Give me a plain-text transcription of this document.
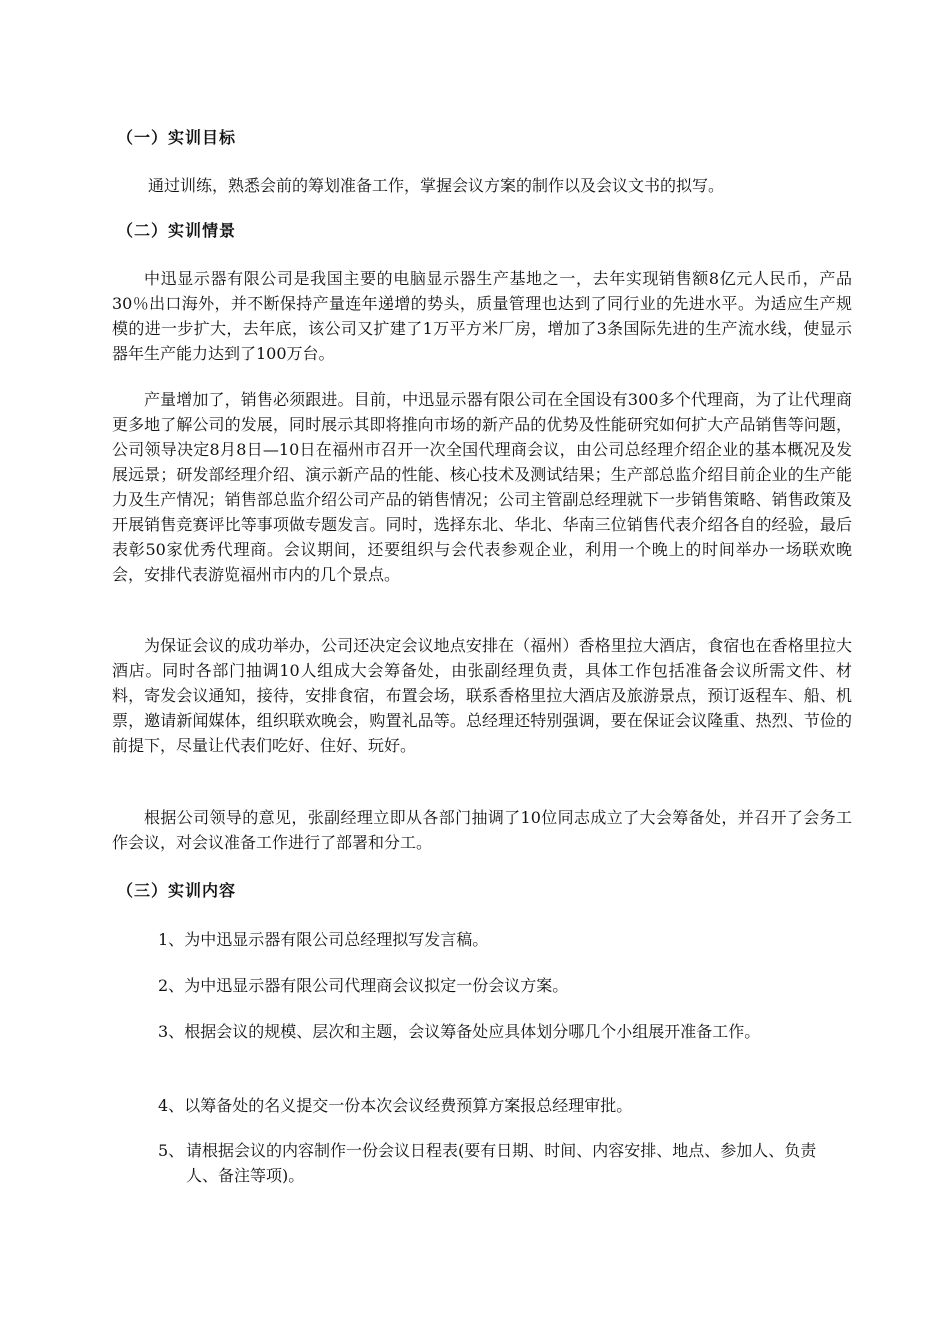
（一）实训目标
通过训练，熟悉会前的筹划准备工作，掌握会议方案的制作以及会议文书的拟写。
（二）实训情景
中迅显示器有限公司是我国主要的电脑显示器生产基地之一，去年实现销售额8亿元人民币，产品30％出口海外，并不断保持产量连年递增的势头，质量管理也达到了同行业的先进水平。为适应生产规模的进一步扩大，去年底，该公司又扩建了1万平方米厂房，增加了3条国际先进的生产流水线，使显示器年生产能力达到了100万台。
产量增加了，销售必须跟进。目前，中迅显示器有限公司在全国设有300多个代理商，为了让代理商更多地了解公司的发展，同时展示其即将推向市场的新产品的优势及性能研究如何扩大产品销售等问题，公司领导决定8月8日—10日在福州市召开一次全国代理商会议，由公司总经理介绍企业的基本概况及发展远景；研发部经理介绍、演示新产品的性能、核心技术及测试结果；生产部总监介绍目前企业的生产能力及生产情况；销售部总监介绍公司产品的销售情况；公司主管副总经理就下一步销售策略、销售政策及开展销售竞赛评比等事项做专题发言。同时，选择东北、华北、华南三位销售代表介绍各自的经验，最后表彰50家优秀代理商。会议期间，还要组织与会代表参观企业，利用一个晚上的时间举办一场联欢晚会，安排代表游览福州市内的几个景点。
为保证会议的成功举办，公司还决定会议地点安排在（福州）香格里拉大酒店，食宿也在香格里拉大酒店。同时各部门抽调10人组成大会筹备处，由张副经理负责，具体工作包括准备会议所需文件、材料，寄发会议通知，接待，安排食宿，布置会场，联系香格里拉大酒店及旅游景点，预订返程车、船、机票，邀请新闻媒体，组织联欢晚会，购置礼品等。总经理还特别强调，要在保证会议隆重、热烈、节俭的前提下，尽量让代表们吃好、住好、玩好。
根据公司领导的意见，张副经理立即从各部门抽调了10位同志成立了大会筹备处，并召开了会务工作会议，对会议准备工作进行了部署和分工。
（三）实训内容
1、为中迅显示器有限公司总经理拟写发言稿。
2、为中迅显示器有限公司代理商会议拟定一份会议方案。
3、根据会议的规模、层次和主题，会议筹备处应具体划分哪几个小组展开准备工作。
4、以筹备处的名义提交一份本次会议经费预算方案报总经理审批。
5、 请根据会议的内容制作一份会议日程表(要有日期、时间、内容安排、地点、参加人、负责人、备注等项)。
